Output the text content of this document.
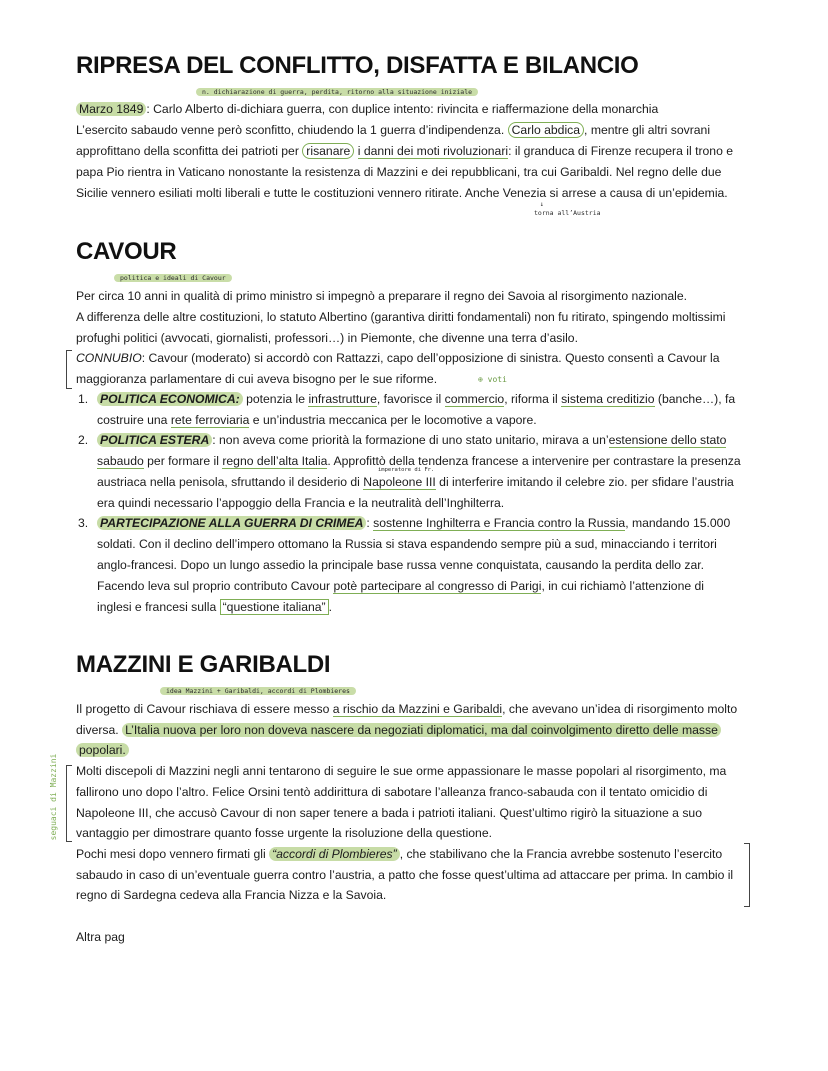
RIPRESA DEL CONFLITTO, DISFATTA E BILANCIO
n. dichiarazione di guerra, perdita, ritorno alla situazione iniziale
Marzo 1849 : Carlo Alberto di-dichiara guerra, con duplice intento: rivincita e riaffermazione della monarchia
L’esercito sabaudo venne però sconfitto, chiudendo la 1 guerra d’indipendenza. Carlo abdica , mentre gli altri sovrani
approfittano della sconfitta dei patrioti per risanare i danni dei moti rivoluzionari: il granduca di Firenze recupera il trono e
papa Pio rientra in Vaticano nonostante la resistenza di Mazzini e dei repubblicani, tra cui Garibaldi. Nel regno delle due
Sicilie vennero esiliati molti liberali e tutte le costituzioni vennero ritirate. Anche Venezia si arrese a causa di un’epidemia.
↓
torna all’Austria
CAVOUR
politica e ideali di Cavour
Per circa 10 anni in qualità di primo ministro si impegnò a preparare il regno dei Savoia al risorgimento nazionale.
A differenza delle altre costituzioni, lo statuto Albertino (garantiva diritti fondamentali) non fu ritirato, spingendo moltissimi
profughi politici (avvocati, giornalisti, professori…) in Piemonte, che divenne una terra d’asilo.
CONNUBIO: Cavour (moderato) si accordò con Rattazzi, capo dell’opposizione di sinistra. Questo consentì a Cavour la
maggioranza parlamentare di cui aveva bisogno per le sue riforme.	⊕ voti
1. POLITICA ECONOMICA: potenzia le infrastrutture, favorisce il commercio, riforma il sistema creditizio (banche…), fa
costruire una rete ferroviaria e un’industria meccanica per le locomotive a vapore.
2. POLITICA ESTERA : non aveva come priorità la formazione di uno stato unitario, mirava a un’estensione dello stato
sabaudo per formare il regno dell’alta Italia. Approfittò della tendenza francese a intervenire per contrastare la presenza
imperatore di Fr.
austriaca nella penisola, sfruttando il desiderio di Napoleone III di interferire imitando il celebre zio. per sfidare l’austria
era quindi necessario l’appoggio della Francia e la neutralità dell’Inghilterra.
3. PARTECIPAZIONE ALLA GUERRA DI CRIMEA : sostenne Inghilterra e Francia contro la Russia, mandando 15.000
soldati. Con il declino dell’impero ottomano la Russia si stava espandendo sempre più a sud, minacciando i territori
anglo-francesi. Dopo un lungo assedio la principale base russa venne conquistata, causando la perdita dello zar.
Facendo leva sul proprio contributo Cavour potè partecipare al congresso di Parigi, in cui richiamò l’attenzione di
inglesi e francesi sulla “questione italiana” .
MAZZINI E GARIBALDI
idea Mazzini + Garibaldi, accordi di Plombieres
Il progetto di Cavour rischiava di essere messo a rischio da Mazzini e Garibaldi, che avevano un’idea di risorgimento molto
diversa. L’Italia nuova per loro non doveva nascere da negoziati diplomatici, ma dal coinvolgimento diretto delle masse
popolari.
seguaci di Mazzini Molti discepoli di Mazzini negli anni tentarono di seguire le sue orme appassionare le masse popolari al risorgimento, ma
fallirono uno dopo l’altro. Felice Orsini tentò addirittura di sabotare l’alleanza franco-sabauda con il tentato omicidio di
Napoleone III, che accusò Cavour di non saper tenere a bada i patrioti italiani. Quest’ultimo rigirò la situazione a suo
vantaggio per dimostrare quanto fosse urgente la risoluzione della questione.
Pochi mesi dopo vennero firmati gli “accordi di Plombieres” , che stabilivano che la Francia avrebbe sostenuto l’esercito
sabaudo in caso di un’eventuale guerra contro l’austria, a patto che fosse quest’ultima ad attaccare per prima. In cambio il
regno di Sardegna cedeva alla Francia Nizza e la Savoia.
Altra pag
